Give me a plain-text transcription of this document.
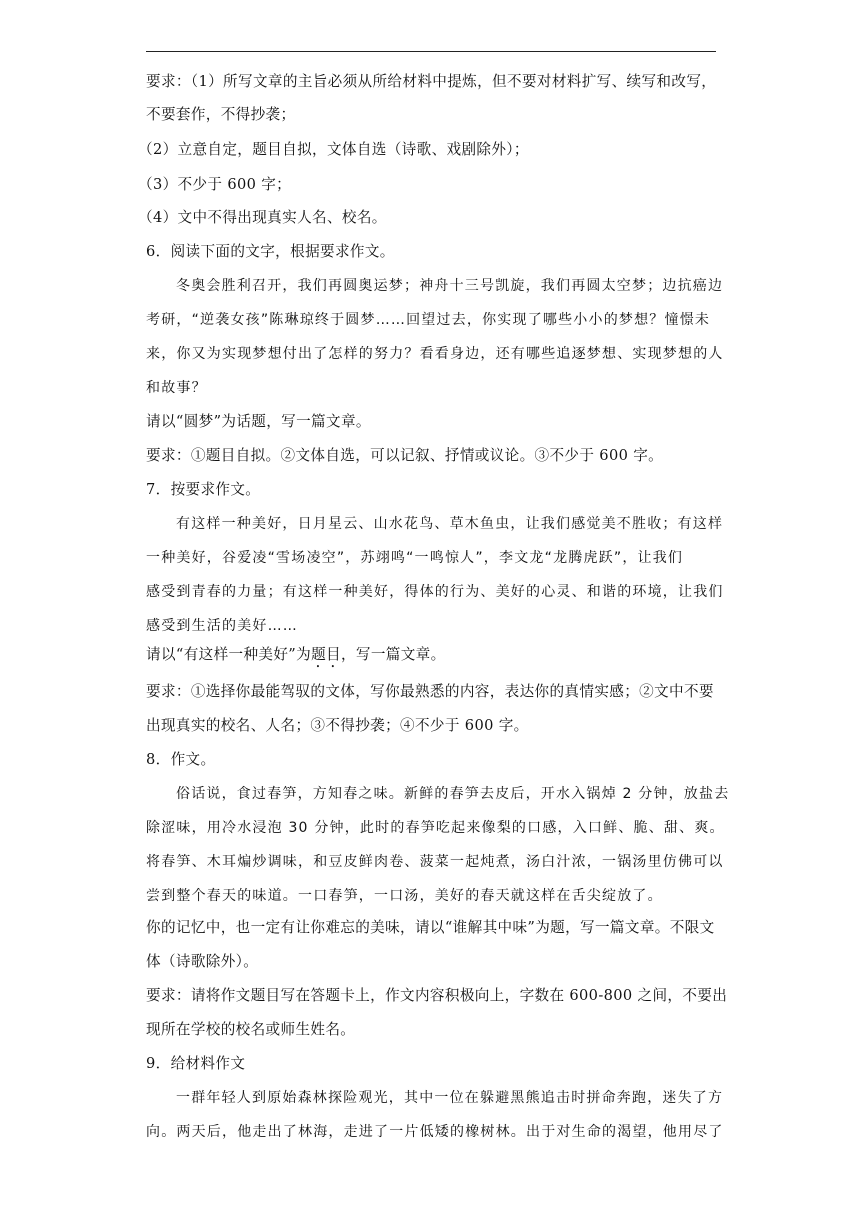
要求：（1）所写文章的主旨必须从所给材料中提炼，但不要对材料扩写、续写和改写，
不要套作，不得抄袭；
（2）立意自定，题目自拟，文体自选（诗歌、戏剧除外）；
（3）不少于 600 字；
（4）文中不得出现真实人名、校名。
6．阅读下面的文字，根据要求作文。
冬奥会胜利召开，我们再圆奥运梦；神舟十三号凯旋，我们再圆太空梦；边抗癌边
考研，“逆袭女孩”陈琳琼终于圆梦……回望过去，你实现了哪些小小的梦想？憧憬未
来，你又为实现梦想付出了怎样的努力？看看身边，还有哪些追逐梦想、实现梦想的人
和故事？
请以“圆梦”为话题，写一篇文章。
要求：①题目自拟。②文体自选，可以记叙、抒情或议论。③不少于 600 字。
7．按要求作文。
有这样一种美好，日月星云、山水花鸟、草木鱼虫，让我们感觉美不胜收；有这样
一种美好，谷爱凌“雪场凌空”，苏翊鸣“一鸣惊人”，李文龙“龙腾虎跃”，让我们
感受到青春的力量；有这样一种美好，得体的行为、美好的心灵、和谐的环境，让我们
感受到生活的美好……
请以“有这样一种美好”为题目，写一篇文章。
要求：①选择你最能驾驭的文体，写你最熟悉的内容，表达你的真情实感；②文中不要
出现真实的校名、人名；③不得抄袭；④不少于 600 字。
8．作文。
俗话说，食过春笋，方知春之味。新鲜的春笋去皮后，开水入锅焯 2 分钟，放盐去
除涩味，用冷水浸泡 30 分钟，此时的春笋吃起来像梨的口感，入口鲜、脆、甜、爽。
将春笋、木耳煸炒调味，和豆皮鲜肉卷、菠菜一起炖煮，汤白汁浓，一锅汤里仿佛可以
尝到整个春天的味道。一口春笋，一口汤，美好的春天就这样在舌尖绽放了。
你的记忆中，也一定有让你难忘的美味，请以“谁解其中味”为题，写一篇文章。不限文
体（诗歌除外）。
要求：请将作文题目写在答题卡上，作文内容积极向上，字数在 600-800 之间，不要出
现所在学校的校名或师生姓名。
9．给材料作文
一群年轻人到原始森林探险观光，其中一位在躲避黑熊追击时拼命奔跑，迷失了方
向。两天后，他走出了林海，走进了一片低矮的橡树林。出于对生命的渴望，他用尽了
